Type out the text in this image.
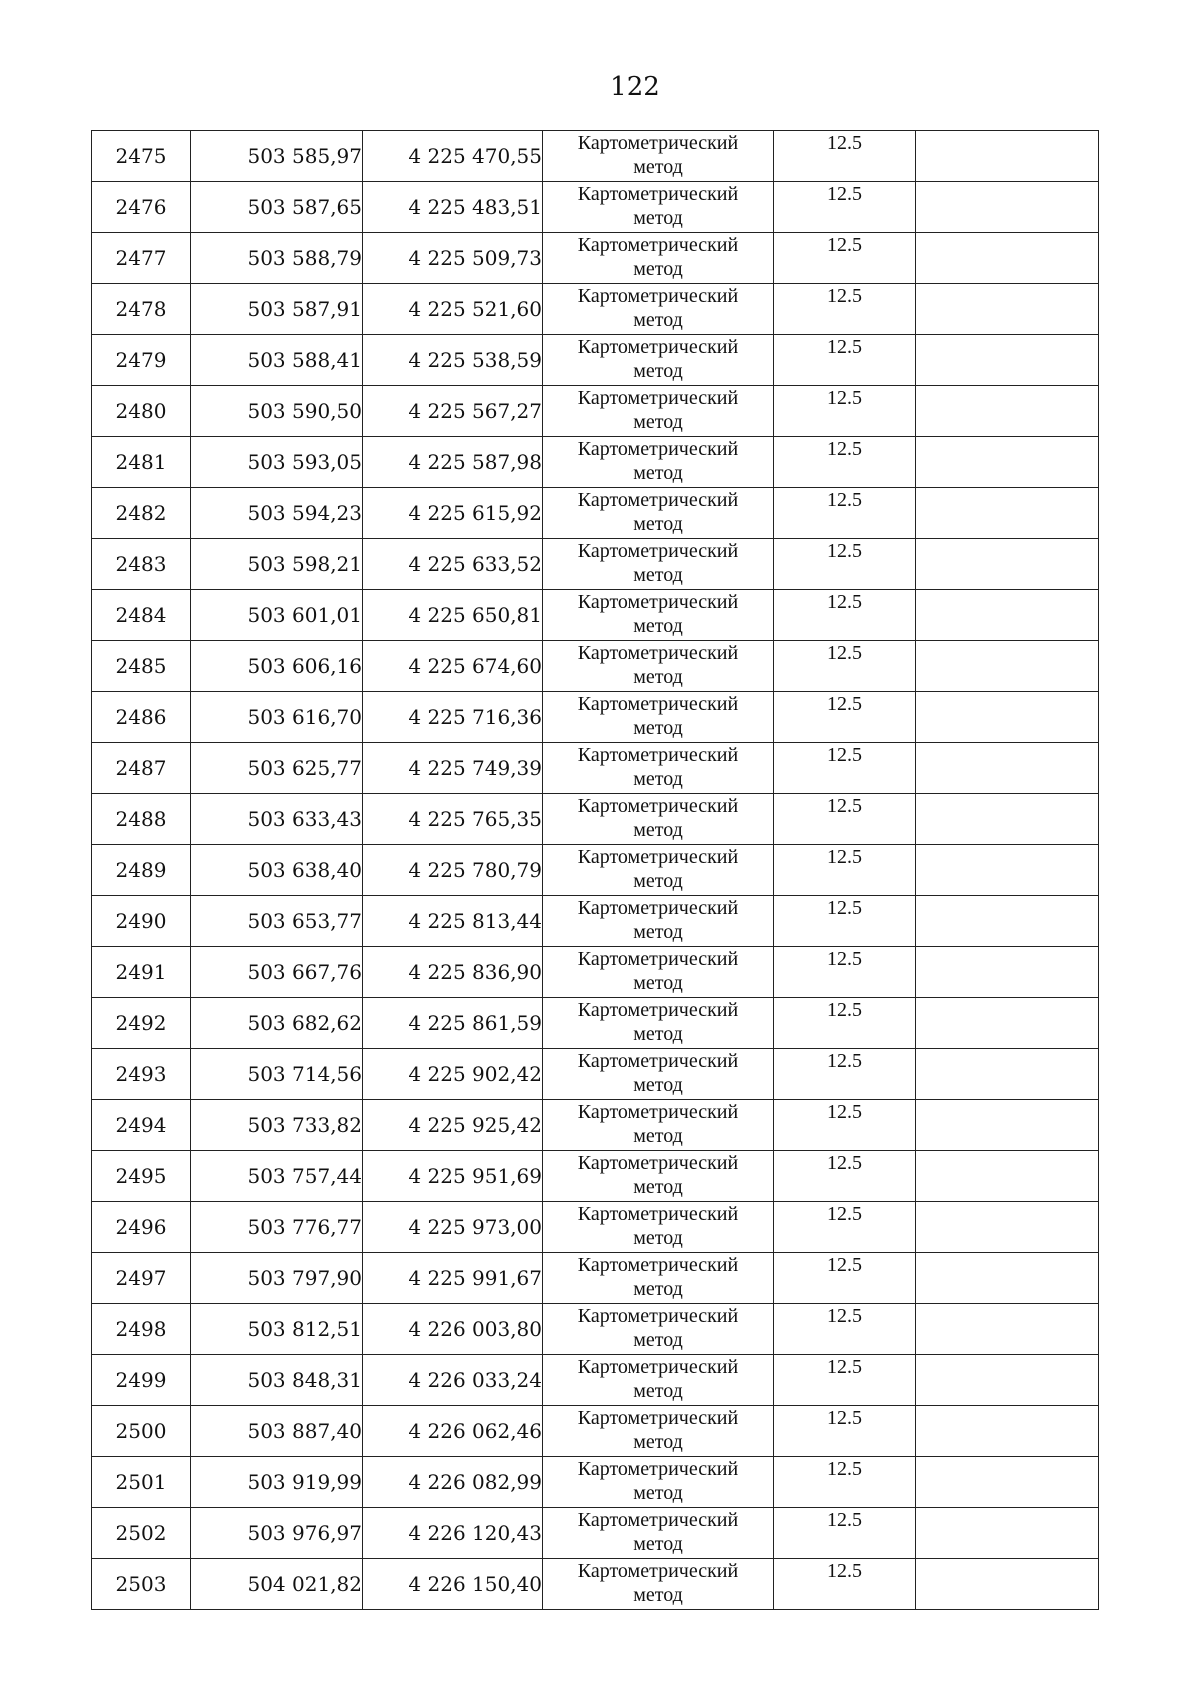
122
2475	503 585,97	4 225 470,55	Картометрический
метод	12.5	
2476	503 587,65	4 225 483,51	Картометрический
метод	12.5	
2477	503 588,79	4 225 509,73	Картометрический
метод	12.5	
2478	503 587,91	4 225 521,60	Картометрический
метод	12.5	
2479	503 588,41	4 225 538,59	Картометрический
метод	12.5	
2480	503 590,50	4 225 567,27	Картометрический
метод	12.5	
2481	503 593,05	4 225 587,98	Картометрический
метод	12.5	
2482	503 594,23	4 225 615,92	Картометрический
метод	12.5	
2483	503 598,21	4 225 633,52	Картометрический
метод	12.5	
2484	503 601,01	4 225 650,81	Картометрический
метод	12.5	
2485	503 606,16	4 225 674,60	Картометрический
метод	12.5	
2486	503 616,70	4 225 716,36	Картометрический
метод	12.5	
2487	503 625,77	4 225 749,39	Картометрический
метод	12.5	
2488	503 633,43	4 225 765,35	Картометрический
метод	12.5	
2489	503 638,40	4 225 780,79	Картометрический
метод	12.5	
2490	503 653,77	4 225 813,44	Картометрический
метод	12.5	
2491	503 667,76	4 225 836,90	Картометрический
метод	12.5	
2492	503 682,62	4 225 861,59	Картометрический
метод	12.5	
2493	503 714,56	4 225 902,42	Картометрический
метод	12.5	
2494	503 733,82	4 225 925,42	Картометрический
метод	12.5	
2495	503 757,44	4 225 951,69	Картометрический
метод	12.5	
2496	503 776,77	4 225 973,00	Картометрический
метод	12.5	
2497	503 797,90	4 225 991,67	Картометрический
метод	12.5	
2498	503 812,51	4 226 003,80	Картометрический
метод	12.5	
2499	503 848,31	4 226 033,24	Картометрический
метод	12.5	
2500	503 887,40	4 226 062,46	Картометрический
метод	12.5	
2501	503 919,99	4 226 082,99	Картометрический
метод	12.5	
2502	503 976,97	4 226 120,43	Картометрический
метод	12.5	
2503	504 021,82	4 226 150,40	Картометрический
метод	12.5	
